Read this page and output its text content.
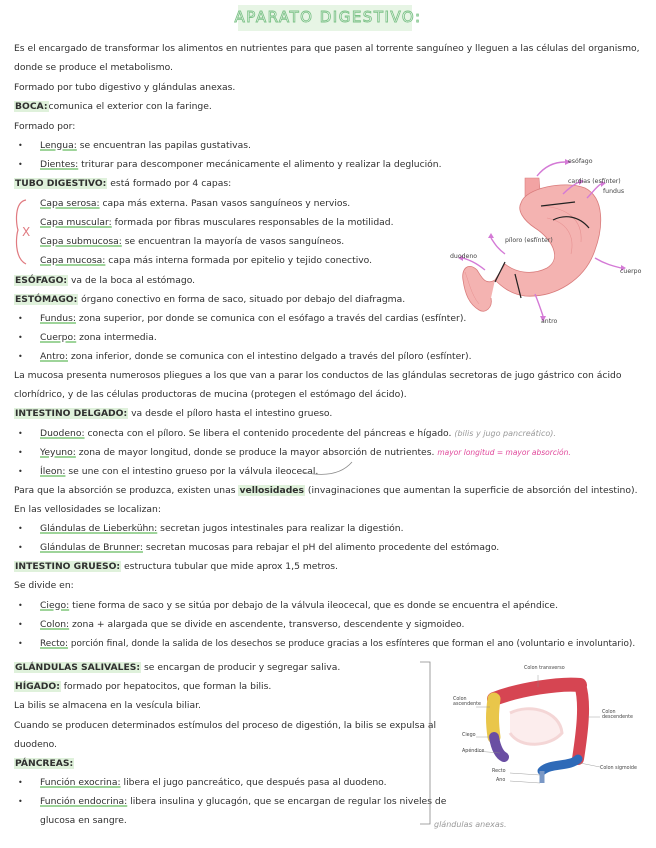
APARATO DIGESTIVO:
Es el encargado de transformar los alimentos en nutrientes para que pasen al torrente sanguíneo y lleguen a las células del organismo,
donde se produce el metabolismo.
Formado por tubo digestivo y glándulas anexas.
BOCA:comunica el exterior con la faringe.
Formado por:
Lengua: se encuentran las papilas gustativas.
Dientes: triturar para descomponer mecánicamente el alimento y realizar la deglución.
TUBO DIGESTIVO: está formado por 4 capas:
Capa serosa: capa más externa. Pasan vasos sanguíneos y nervios.
Capa muscular: formada por fibras musculares responsables de la motilidad.
Capa submucosa: se encuentran la mayoría de vasos sanguíneos.
Capa mucosa: capa más interna formada por epitelio y tejido conectivo.
X
ESÓFAGO: va de la boca al estómago.
ESTÓMAGO: órgano conectivo en forma de saco, situado por debajo del diafragma.
Fundus: zona superior, por donde se comunica con el esófago a través del cardias (esfínter).
Cuerpo: zona intermedia.
Antro: zona inferior, donde se comunica con el intestino delgado a través del píloro (esfínter).
La mucosa presenta numerosos pliegues a los que van a parar los conductos de las glándulas secretoras de jugo gástrico con ácido
clorhídrico, y de las células productoras de mucina (protegen el estómago del ácido).
INTESTINO DELGADO: va desde el píloro hasta el intestino grueso.
Duodeno: conecta con el píloro. Se libera el contenido procedente del páncreas e hígado. (bilis y jugo pancreático).
Yeyuno: zona de mayor longitud, donde se produce la mayor absorción de nutrientes. mayor longitud = mayor absorción.
Íleon: se une con el intestino grueso por la válvula ileocecal.
Para que la absorción se produzca, existen unas vellosidades (invaginaciones que aumentan la superficie de absorción del intestino).
En las vellosidades se localizan:
Glándulas de Lieberkühn: secretan jugos intestinales para realizar la digestión.
Glándulas de Brunner: secretan mucosas para rebajar el pH del alimento procedente del estómago.
INTESTINO GRUESO: estructura tubular que mide aprox 1,5 metros.
Se divide en:
Ciego: tiene forma de saco y se sitúa por debajo de la válvula ileocecal, que es donde se encuentra el apéndice.
Colon: zona + alargada que se divide en ascendente, transverso, descendente y sigmoideo.
Recto: porción final, donde la salida de los desechos se produce gracias a los esfínteres que forman el ano (voluntario e involuntario).
GLÁNDULAS SALIVALES: se encargan de producir y segregar saliva.
HÍGADO: formado por hepatocitos, que forman la bilis.
La bilis se almacena en la vesícula biliar.
Cuando se producen determinados estímulos del proceso de digestión, la bilis se expulsa al
duodeno.
PÁNCREAS:
Función exocrina: libera el jugo pancreático, que después pasa al duodeno.
Función endocrina: libera insulina y glucagón, que se encargan de regular los niveles de
glucosa en sangre.
•
•
•
•
•
•
•
•
•
•
•
•
•
•
•
glándulas anexas.
esófago
cardias (esfínter)
fundus
píloro (esfínter)
duodeno
cuerpo
antro
Colon transverso
Colon ascendente
Colon descendente
Ciego
Apéndice
Recto
Ano
Colon sigmoide
